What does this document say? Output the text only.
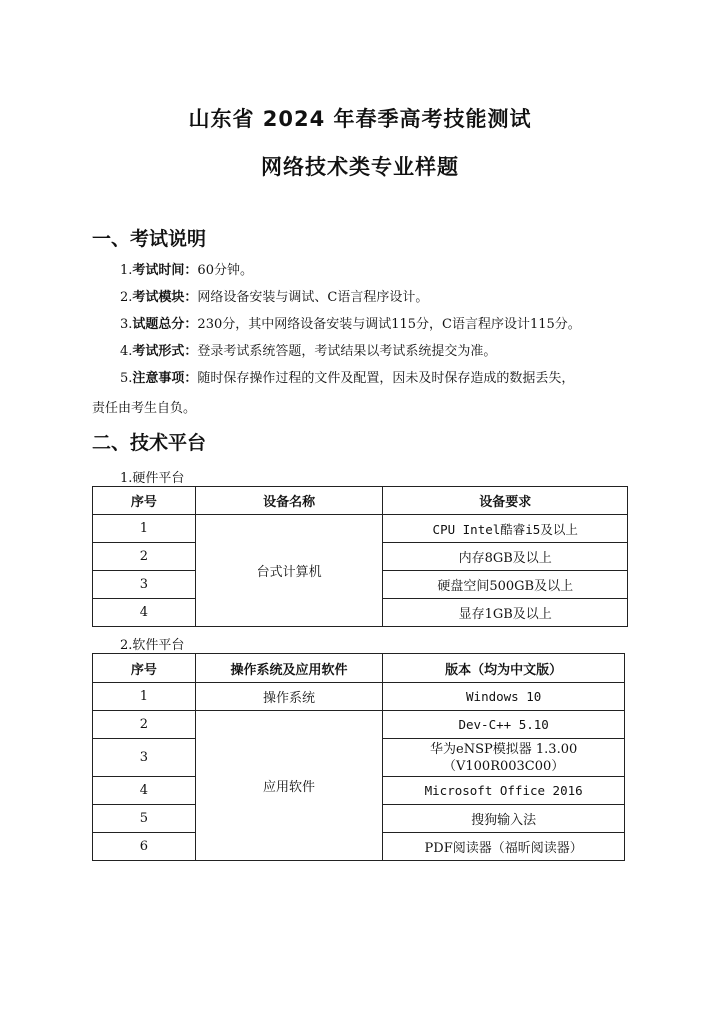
山东省 2024 年春季高考技能测试
网络技术类专业样题
一、考试说明
1.考试时间：60分钟。
2.考试模块：网络设备安装与调试、C语言程序设计。
3.试题总分：230分，其中网络设备安装与调试115分，C语言程序设计115分。
4.考试形式：登录考试系统答题，考试结果以考试系统提交为准。
5.注意事项：随时保存操作过程的文件及配置，因未及时保存造成的数据丢失，
责任由考生自负。
二、技术平台
1.硬件平台
序号	设备名称	设备要求
1	台式计算机	CPU Intel酷睿i5及以上
2		内存8GB及以上
3		硬盘空间500GB及以上
4		显存1GB及以上
2.软件平台
序号	操作系统及应用软件	版本（均为中文版）
1	操作系统	Windows 10
2	应用软件	Dev-C++ 5.10
3		华为eNSP模拟器 1.3.00
（V100R003C00）

4		Microsoft Office 2016
5		搜狗输入法
6		PDF阅读器（福昕阅读器）
